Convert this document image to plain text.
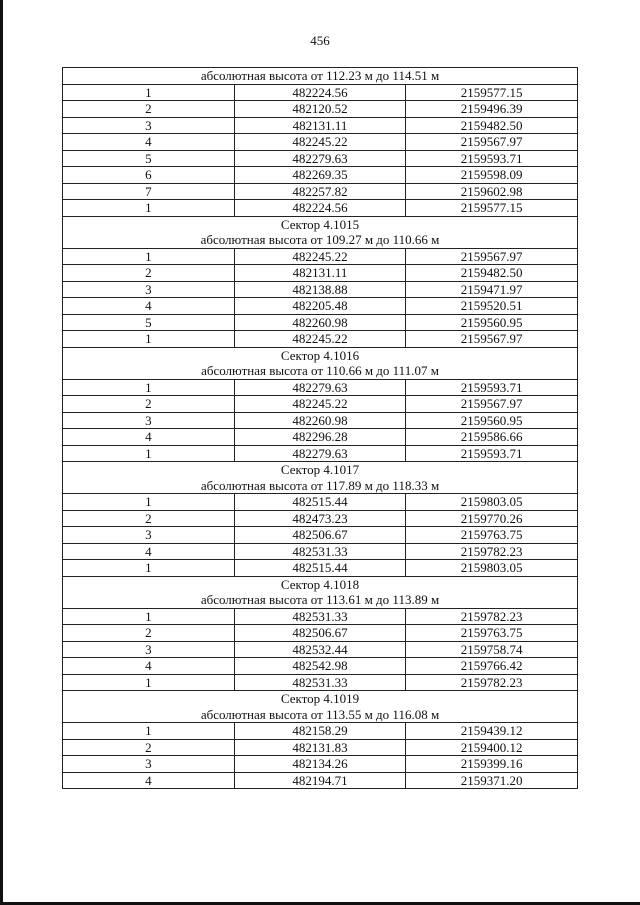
456
абсолютная высота от 112.23 м до 114.51 м		
1	482224.56	2159577.15
2	482120.52	2159496.39
3	482131.11	2159482.50
4	482245.22	2159567.97
5	482279.63	2159593.71
6	482269.35	2159598.09
7	482257.82	2159602.98
1	482224.56	2159577.15
Сектор 4.1015		
абсолютная высота от 109.27 м до 110.66 м		
1	482245.22	2159567.97
2	482131.11	2159482.50
3	482138.88	2159471.97
4	482205.48	2159520.51
5	482260.98	2159560.95
1	482245.22	2159567.97
Сектор 4.1016		
абсолютная высота от 110.66 м до 111.07 м		
1	482279.63	2159593.71
2	482245.22	2159567.97
3	482260.98	2159560.95
4	482296.28	2159586.66
1	482279.63	2159593.71
Сектор 4.1017		
абсолютная высота от 117.89 м до 118.33 м		
1	482515.44	2159803.05
2	482473.23	2159770.26
3	482506.67	2159763.75
4	482531.33	2159782.23
1	482515.44	2159803.05
Сектор 4.1018		
абсолютная высота от 113.61 м до 113.89 м		
1	482531.33	2159782.23
2	482506.67	2159763.75
3	482532.44	2159758.74
4	482542.98	2159766.42
1	482531.33	2159782.23
Сектор 4.1019		
абсолютная высота от 113.55 м до 116.08 м		
1	482158.29	2159439.12
2	482131.83	2159400.12
3	482134.26	2159399.16
4	482194.71	2159371.20
